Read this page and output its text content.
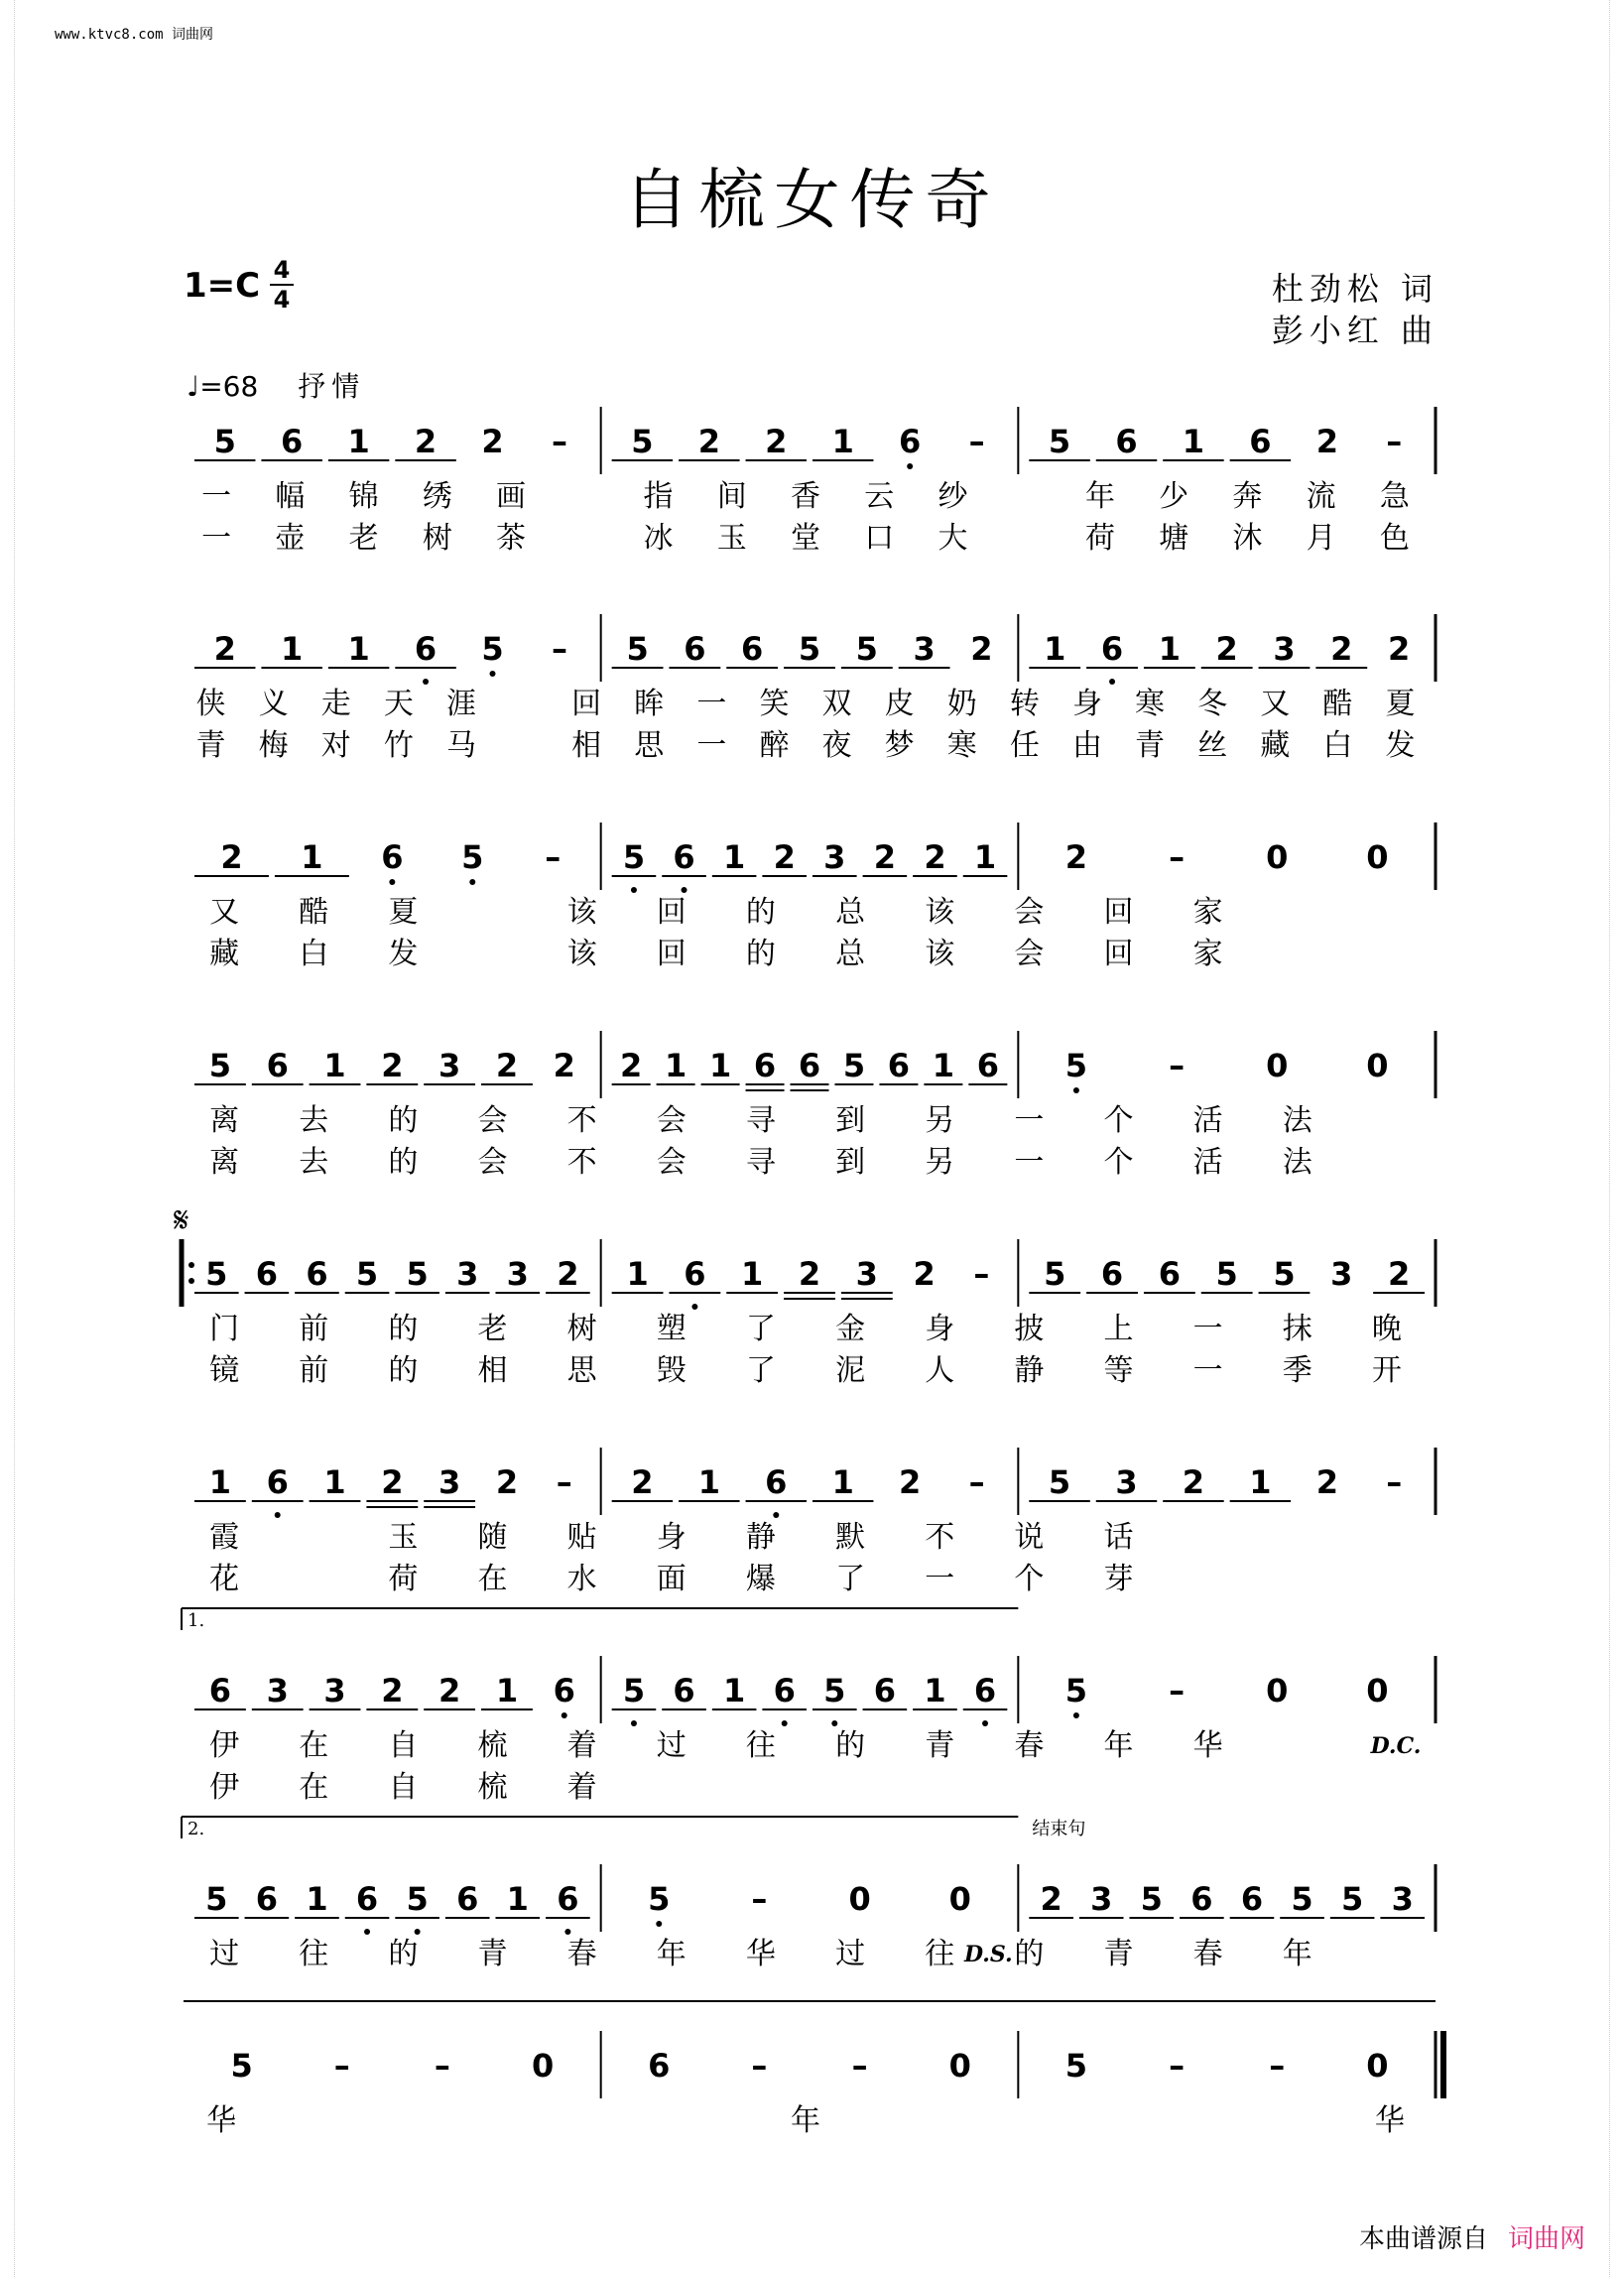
www.ktvc8.com 词曲网
自梳女传奇
1=C 4
4	杜劲松 词
彭小红 曲
♩=68 抒情
𝄋
5 6 1 2 2 – 5 2 2 1 6 – 5 6 1 6 2 –
一 幅 锦 绣 画	指 间 香 云 纱	年 少 奔 流 急
一 壶 老 树 茶	冰 玉 堂 口 大	荷 塘 沐 月 色
2 1 1 6 5 – 5 6 6 5 5 3 2 1 6 1 2 3 2 2
侠 义 走 天 涯	回 眸 一 笑 双 皮 奶 转 身 寒 冬 又 酷 夏
青 梅 对 竹 马	相 思 一 醉 夜 梦 寒 任 由 青 丝 藏 白 发
2 1 6 5 – 5 6 1 2 3 2 2 1 2	–	0 0
又 酷 夏	该 回 的 总 该 会 回 家
藏 白 发	该 回 的 总 该 会 回 家
5 6 1 2 3 2 2 2 1 1 6 6 5 6 1 6 5	–	0 0
离 去 的 会 不 会 寻 到 另 一 个 活 法
离 去 的 会 不 会 寻 到 另 一 个 活 法
5 6 6 5 5 3 3 2 1 6 1 2 3 2 – 5 6 6 5 5 3 2
门 前 的 老 树 塑 了 金 身 披 上 一 抹 晚
镜 前 的 相 思 毁 了 泥 人 静 等 一 季 开
1 6 1 2 3 2 – 2 1 6 1 2 – 5 3 2 1 2 –
霞	玉 随 贴 身 静 默 不 说 话
花	荷 在 水 面 爆 了 一 个 芽
1.
6 3 3 2 2 1 6 5 6 1 6 5 6 1 6 5	–	0 0
D.C.
伊 在 自 梳 着 过 往 的 青 春 年 华
伊 在 自 梳 着
2.	结束句
5 6 1 6 5 6 1 6 5	–	0 0 2 3 5 6 6 5 5 3
D.S.
过 往 的 青 春 年 华 过 往 的 青 春 年
5	–	–	0	6	–	–	0	5	–	–	0
华	年	华
本曲谱源自 词曲网
